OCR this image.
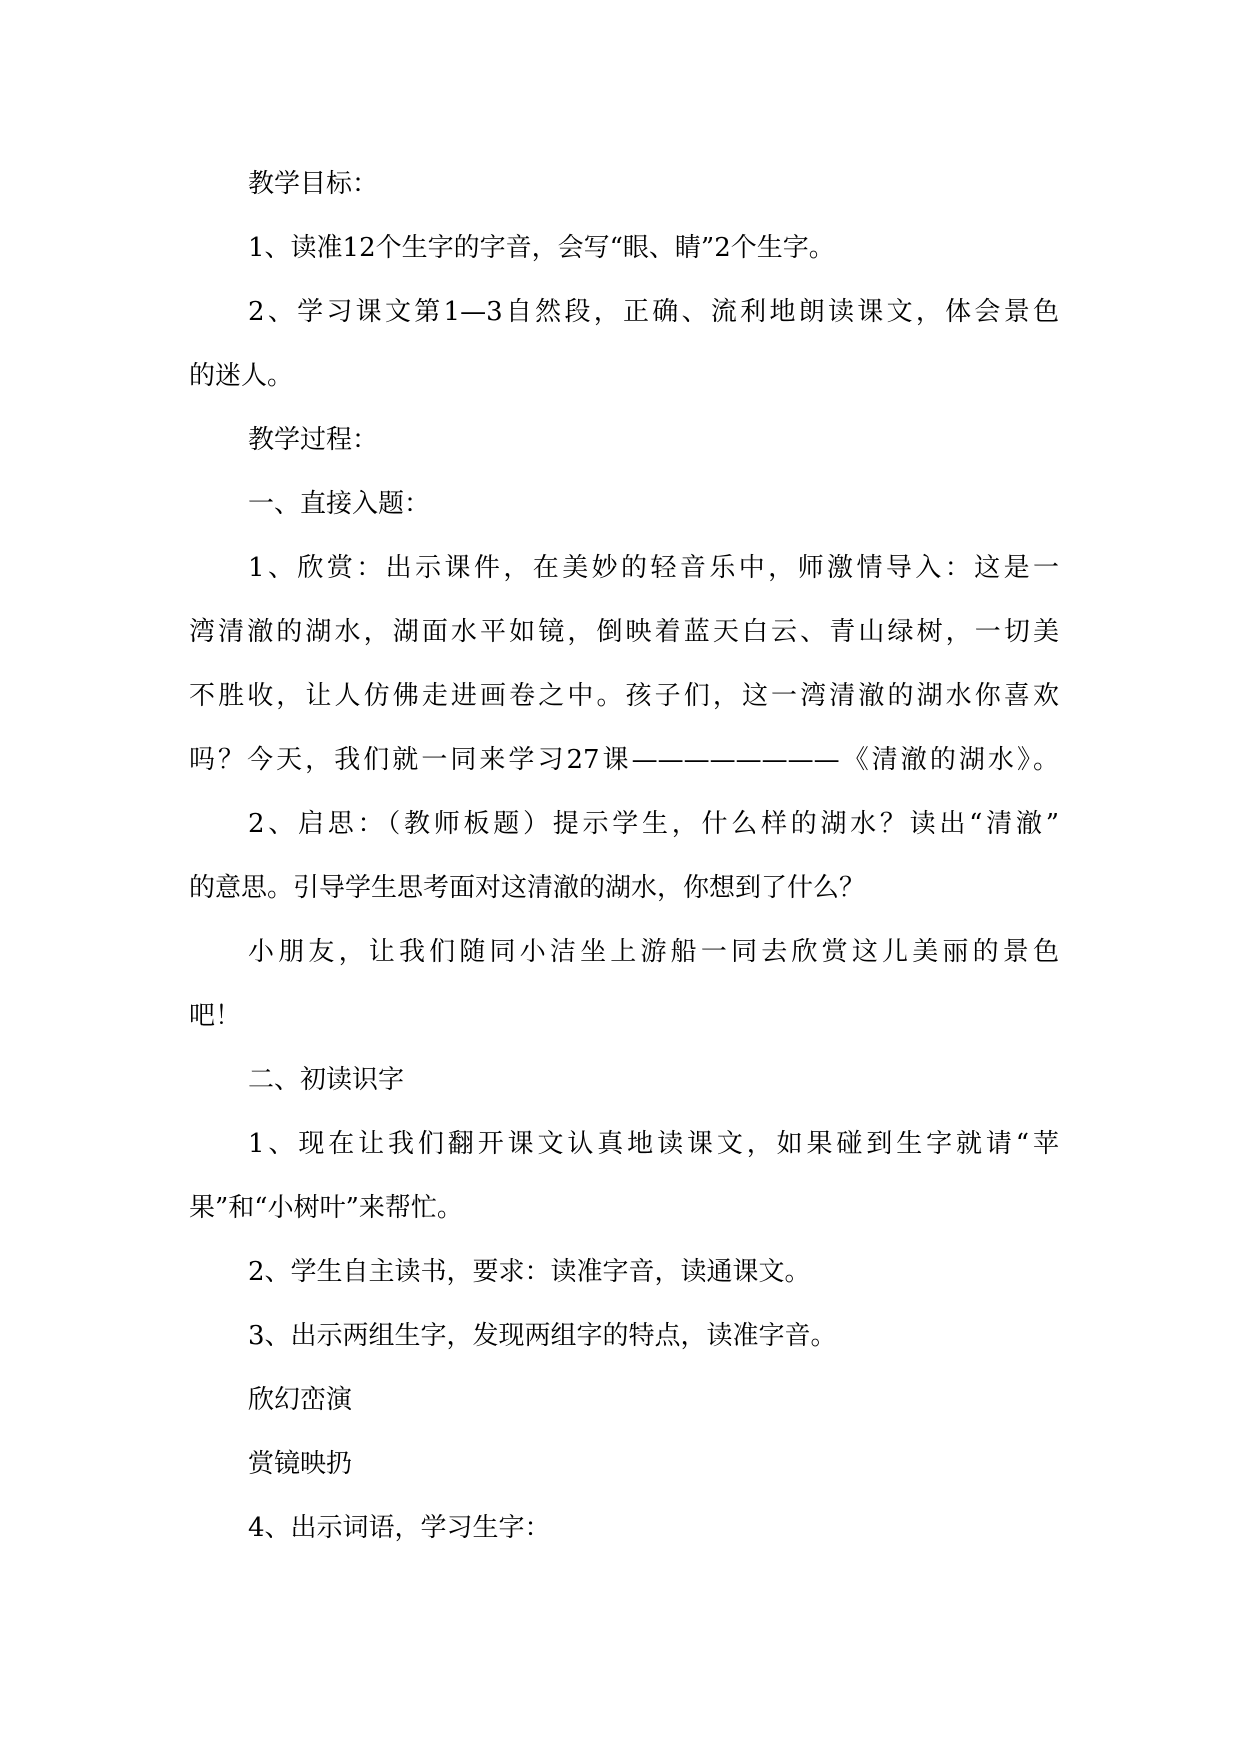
教学目标：
1、读准12个生字的字音，会写“眼、睛”2个生字。
2、学习课文第1—3自然段，正确、流利地朗读课文，体会景色
的迷人。
教学过程：
一、直接入题：
1、欣赏：出示课件，在美妙的轻音乐中，师激情导入：这是一
湾清澈的湖水，湖面水平如镜，倒映着蓝天白云、青山绿树，一切美
不胜收，让人仿佛走进画卷之中。孩子们，这一湾清澈的湖水你喜欢
吗？今天，我们就一同来学习27课————————《清澈的湖水》。
2、启思：（教师板题）提示学生，什么样的湖水？读出“清澈”
的意思。引导学生思考面对这清澈的湖水，你想到了什么？
小朋友，让我们随同小洁坐上游船一同去欣赏这儿美丽的景色
吧！
二、初读识字
1、现在让我们翻开课文认真地读课文，如果碰到生字就请“苹
果”和“小树叶”来帮忙。
2、学生自主读书，要求：读准字音，读通课文。
3、出示两组生字，发现两组字的特点，读准字音。
欣幻峦演
赏镜映扔
4、出示词语，学习生字：
